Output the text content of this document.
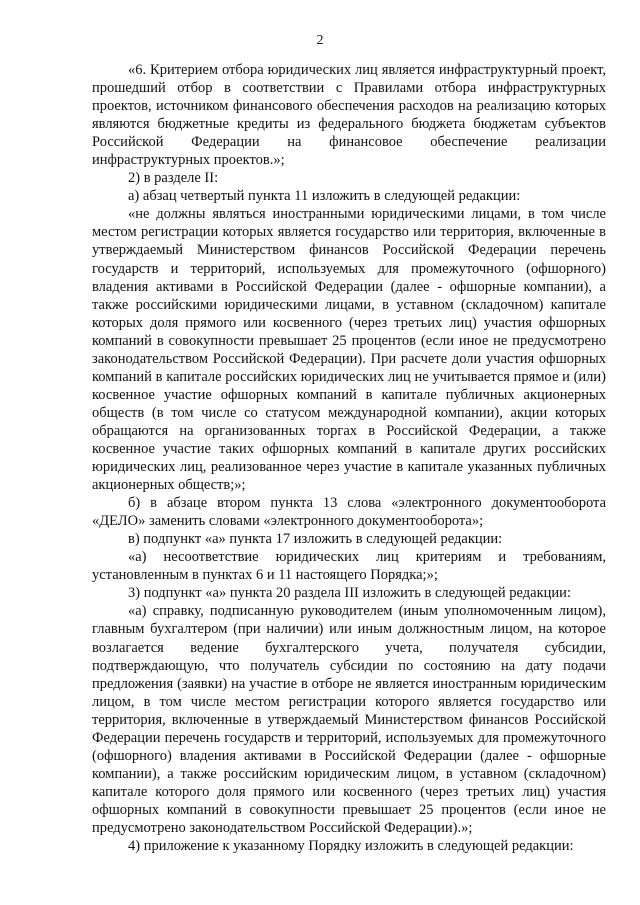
2

«6. Критерием отбора юридических лиц является инфраструктурный проект, прошедший отбор в соответствии с Правилами отбора инфраструктурных проектов, источником финансового обеспечения расходов на реализацию которых являются бюджетные кредиты из федерального бюджета бюджетам субъектов Российской Федерации на финансовое обеспечение реализации инфраструктурных проектов.»;

2) в разделе II:

а) абзац четвертый пункта 11 изложить в следующей редакции:

«не должны являться иностранными юридическими лицами, в том числе местом регистрации которых является государство или территория, включенные в утверждаемый Министерством финансов Российской Федерации перечень государств и территорий, используемых для промежуточного (офшорного) владения активами в Российской Федерации (далее - офшорные компании), а также российскими юридическими лицами, в уставном (складочном) капитале которых доля прямого или косвенного (через третьих лиц) участия офшорных компаний в совокупности превышает 25 процентов (если иное не предусмотрено законодательством Российской Федерации). При расчете доли участия офшорных компаний в капитале российских юридических лиц не учитывается прямое и (или) косвенное участие офшорных компаний в капитале публичных акционерных обществ (в том числе со статусом международной компании), акции которых обращаются на организованных торгах в Российской Федерации, а также косвенное участие таких офшорных компаний в капитале других российских юридических лиц, реализованное через участие в капитале указанных публичных акционерных обществ;»;

б) в абзаце втором пункта 13 слова «электронного документооборота «ДЕЛО» заменить словами «электронного документооборота»;

в) подпункт «а» пункта 17 изложить в следующей редакции:

«а) несоответствие юридических лиц критериям и требованиям, установленным в пунктах 6 и 11 настоящего Порядка;»;

3) подпункт «а» пункта 20 раздела III изложить в следующей редакции:

«а) справку, подписанную руководителем (иным уполномоченным лицом), главным бухгалтером (при наличии) или иным должностным лицом, на которое возлагается ведение бухгалтерского учета, получателя субсидии, подтверждающую, что получатель субсидии по состоянию на дату подачи предложения (заявки) на участие в отборе не является иностранным юридическим лицом, в том числе местом регистрации которого является государство или территория, включенные в утверждаемый Министерством финансов Российской Федерации перечень государств и территорий, используемых для промежуточного (офшорного) владения активами в Российской Федерации (далее - офшорные компании), а также российским юридическим лицом, в уставном (складочном) капитале которого доля прямого или косвенного (через третьих лиц) участия офшорных компаний в совокупности превышает 25 процентов (если иное не предусмотрено законодательством Российской Федерации).»;

4) приложение к указанному Порядку изложить в следующей редакции:
